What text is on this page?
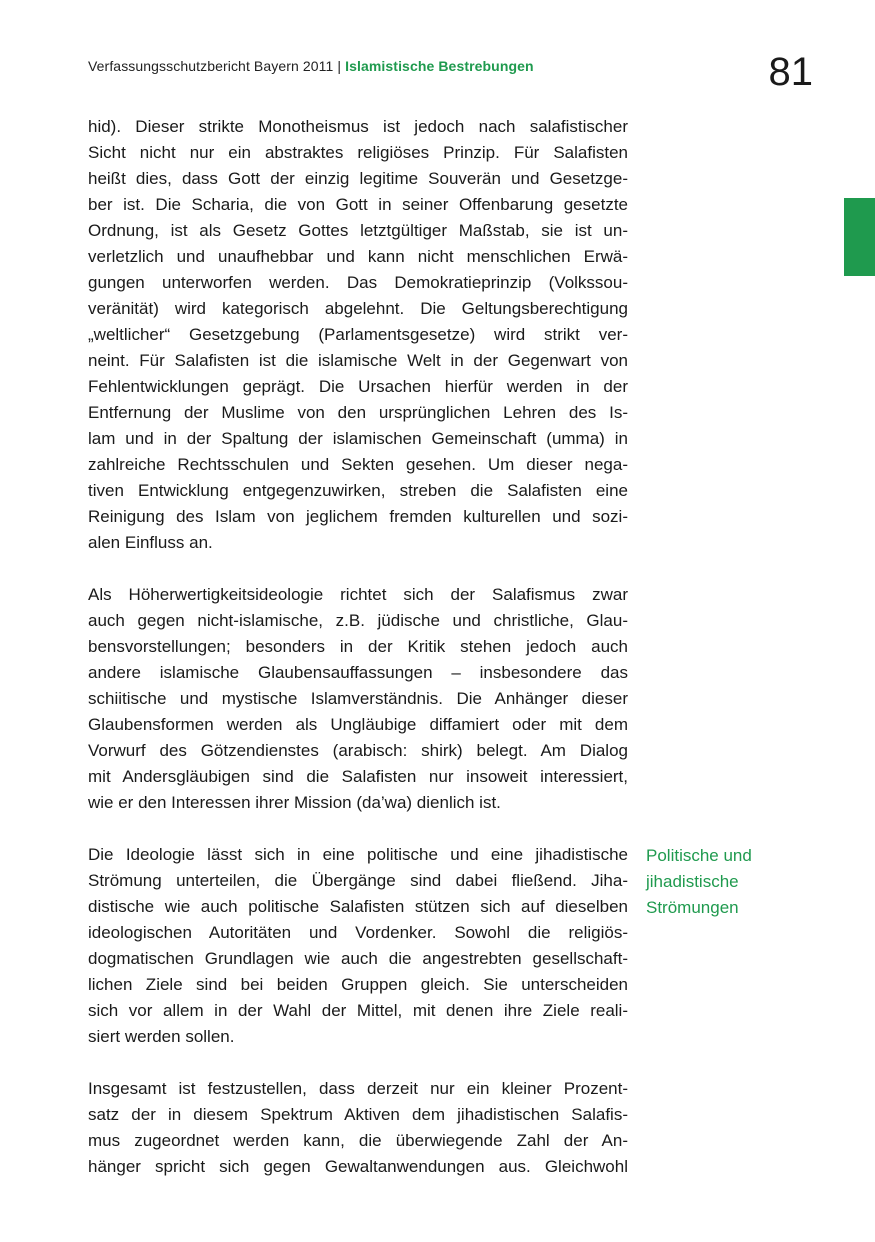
Verfassungsschutzbericht Bayern 2011 | Islamistische Bestrebungen	81

hid). Dieser strikte Monotheismus ist jedoch nach salafistischer
Sicht nicht nur ein abstraktes religiöses Prinzip. Für Salafisten
heißt dies, dass Gott der einzig legitime Souverän und Gesetzge-
ber ist. Die Scharia, die von Gott in seiner Offenbarung gesetzte
Ordnung, ist als Gesetz Gottes letztgültiger Maßstab, sie ist un-
verletzlich und unaufhebbar und kann nicht menschlichen Erwä-
gungen unterworfen werden. Das Demokratieprinzip (Volkssou-
veränität) wird kategorisch abgelehnt. Die Geltungsberechtigung
„weltlicher“ Gesetzgebung (Parlamentsgesetze) wird strikt ver-
neint. Für Salafisten ist die islamische Welt in der Gegenwart von
Fehlentwicklungen geprägt. Die Ursachen hierfür werden in der
Entfernung der Muslime von den ursprünglichen Lehren des Is-
lam und in der Spaltung der islamischen Gemeinschaft (umma) in
zahlreiche Rechtsschulen und Sekten gesehen. Um dieser nega-
tiven Entwicklung entgegenzuwirken, streben die Salafisten eine
Reinigung des Islam von jeglichem fremden kulturellen und sozi-
alen Einfluss an.

Als Höherwertigkeitsideologie richtet sich der Salafismus zwar
auch gegen nicht-islamische, z.B. jüdische und christliche, Glau-
bensvorstellungen; besonders in der Kritik stehen jedoch auch
andere islamische Glaubensauffassungen – insbesondere das
schiitische und mystische Islamverständnis. Die Anhänger dieser
Glaubensformen werden als Ungläubige diffamiert oder mit dem
Vorwurf des Götzendienstes (arabisch: shirk) belegt. Am Dialog
mit Andersgläubigen sind die Salafisten nur insoweit interessiert,
wie er den Interessen ihrer Mission (da’wa) dienlich ist.

Die Ideologie lässt sich in eine politische und eine jihadistische
Strömung unterteilen, die Übergänge sind dabei fließend. Jiha-
distische wie auch politische Salafisten stützen sich auf dieselben
ideologischen Autoritäten und Vordenker. Sowohl die religiös-
dogmatischen Grundlagen wie auch die angestrebten gesellschaft-
lichen Ziele sind bei beiden Gruppen gleich. Sie unterscheiden
sich vor allem in der Wahl der Mittel, mit denen ihre Ziele reali-
siert werden sollen.

Insgesamt ist festzustellen, dass derzeit nur ein kleiner Prozent-
satz der in diesem Spektrum Aktiven dem jihadistischen Salafis-
mus zugeordnet werden kann, die überwiegende Zahl der An-
hänger spricht sich gegen Gewaltanwendungen aus. Gleichwohl

Politische und
jihadistische
Strömungen
